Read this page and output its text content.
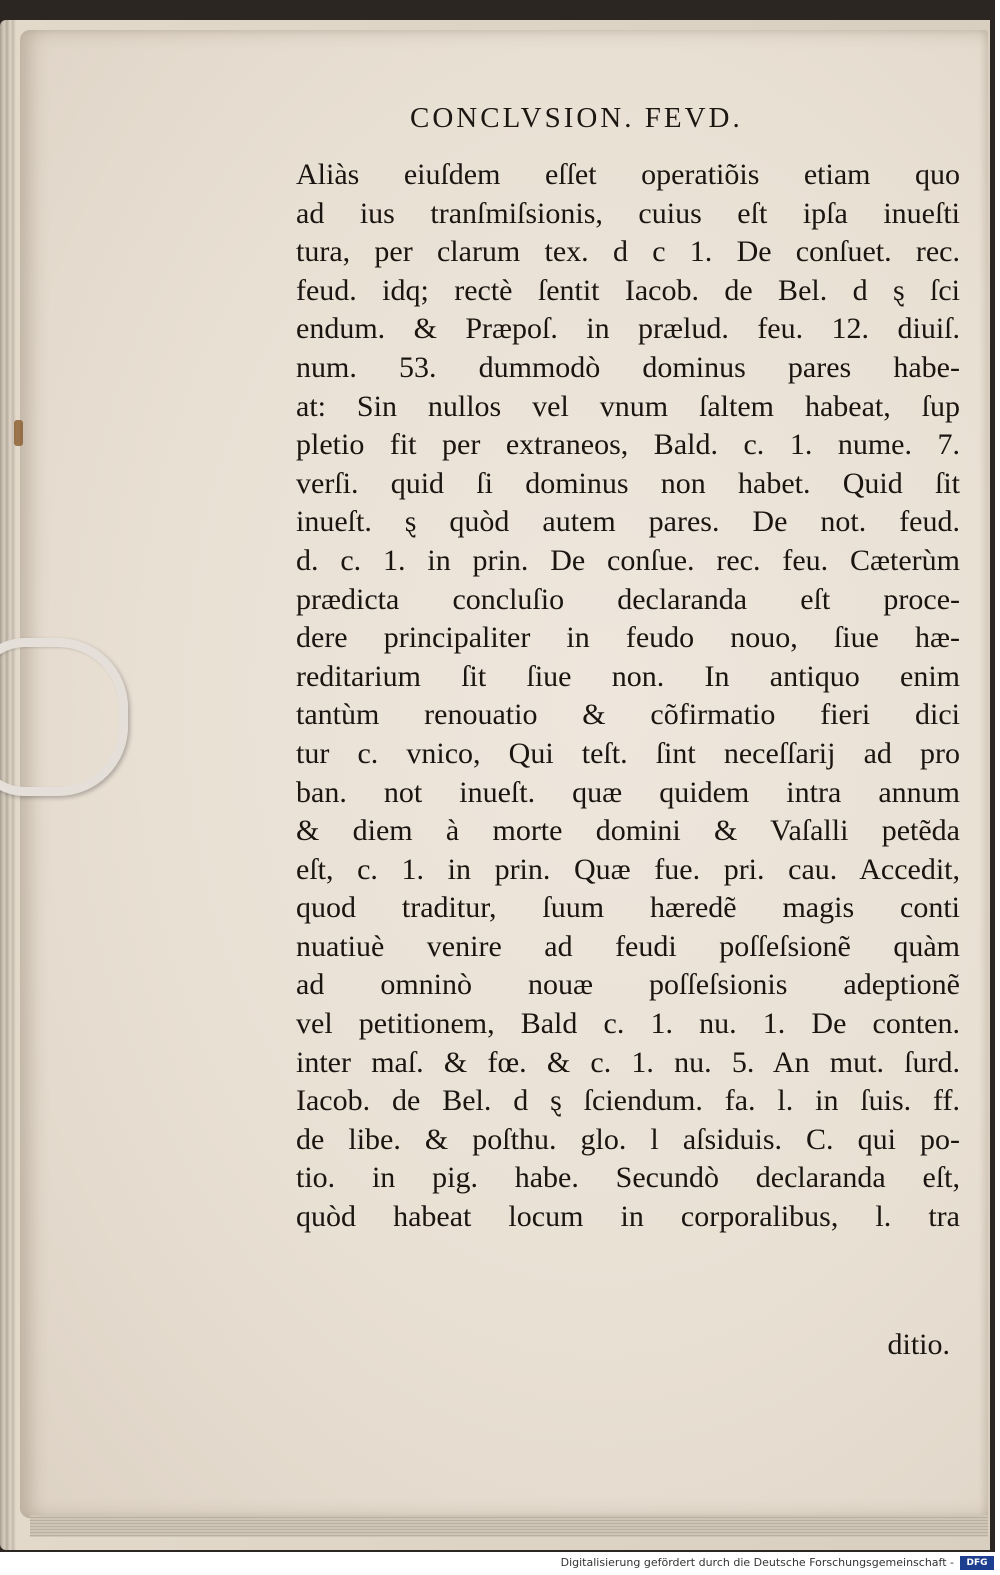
CONCLVSION. FEVD.
Aliàs eiuſdem eſſet operatiõis etiam quo
ad ius tranſmiſsionis, cuius eſt ipſa inueſti
tura, per clarum tex. d c 1. De conſuet. rec.
feud. idq; rectè ſentit Iacob. de Bel. d ȿ ſci
endum. & Præpoſ. in prælud. feu. 12. diuiſ.
num. 53. dummodò dominus pares habe-
at: Sin nullos vel vnum ſaltem habeat, ſup
pletio fit per extraneos, Bald. c. 1. nume. 7.
verſi. quid ſi dominus non habet. Quid ſit
inueſt. ȿ quòd autem pares. De not. feud.
d. c. 1. in prin. De conſue. rec. feu. Cæterùm
prædicta concluſio declaranda eſt proce-
dere principaliter in feudo nouo, ſiue hæ-
reditarium ſit ſiue non. In antiquo enim
tantùm renouatio & cõfirmatio fieri dici
tur c. vnico, Qui teſt. ſint neceſſarij ad pro
ban. not inueſt. quæ quidem intra annum
& diem à morte domini & Vaſalli petẽda
eſt, c. 1. in prin. Quæ fue. pri. cau. Accedit,
quod traditur, ſuum hæredẽ magis conti
nuatiuè venire ad feudi poſſeſsionẽ quàm
ad omninò nouæ poſſeſsionis adeptionẽ
vel petitionem, Bald c. 1. nu. 1. De conten.
inter maſ. & fœ. & c. 1. nu. 5. An mut. ſurd.
Iacob. de Bel. d ȿ ſciendum. fa. l. in ſuis. ff.
de libe. & poſthu. glo. l aſsiduis. C. qui po-
tio. in pig. habe. Secundò declaranda eſt,
quòd habeat locum in corporalibus, l. tra
ditio.
Digitalisierung gefördert durch die Deutsche Forschungsgemeinschaft -	DFG
